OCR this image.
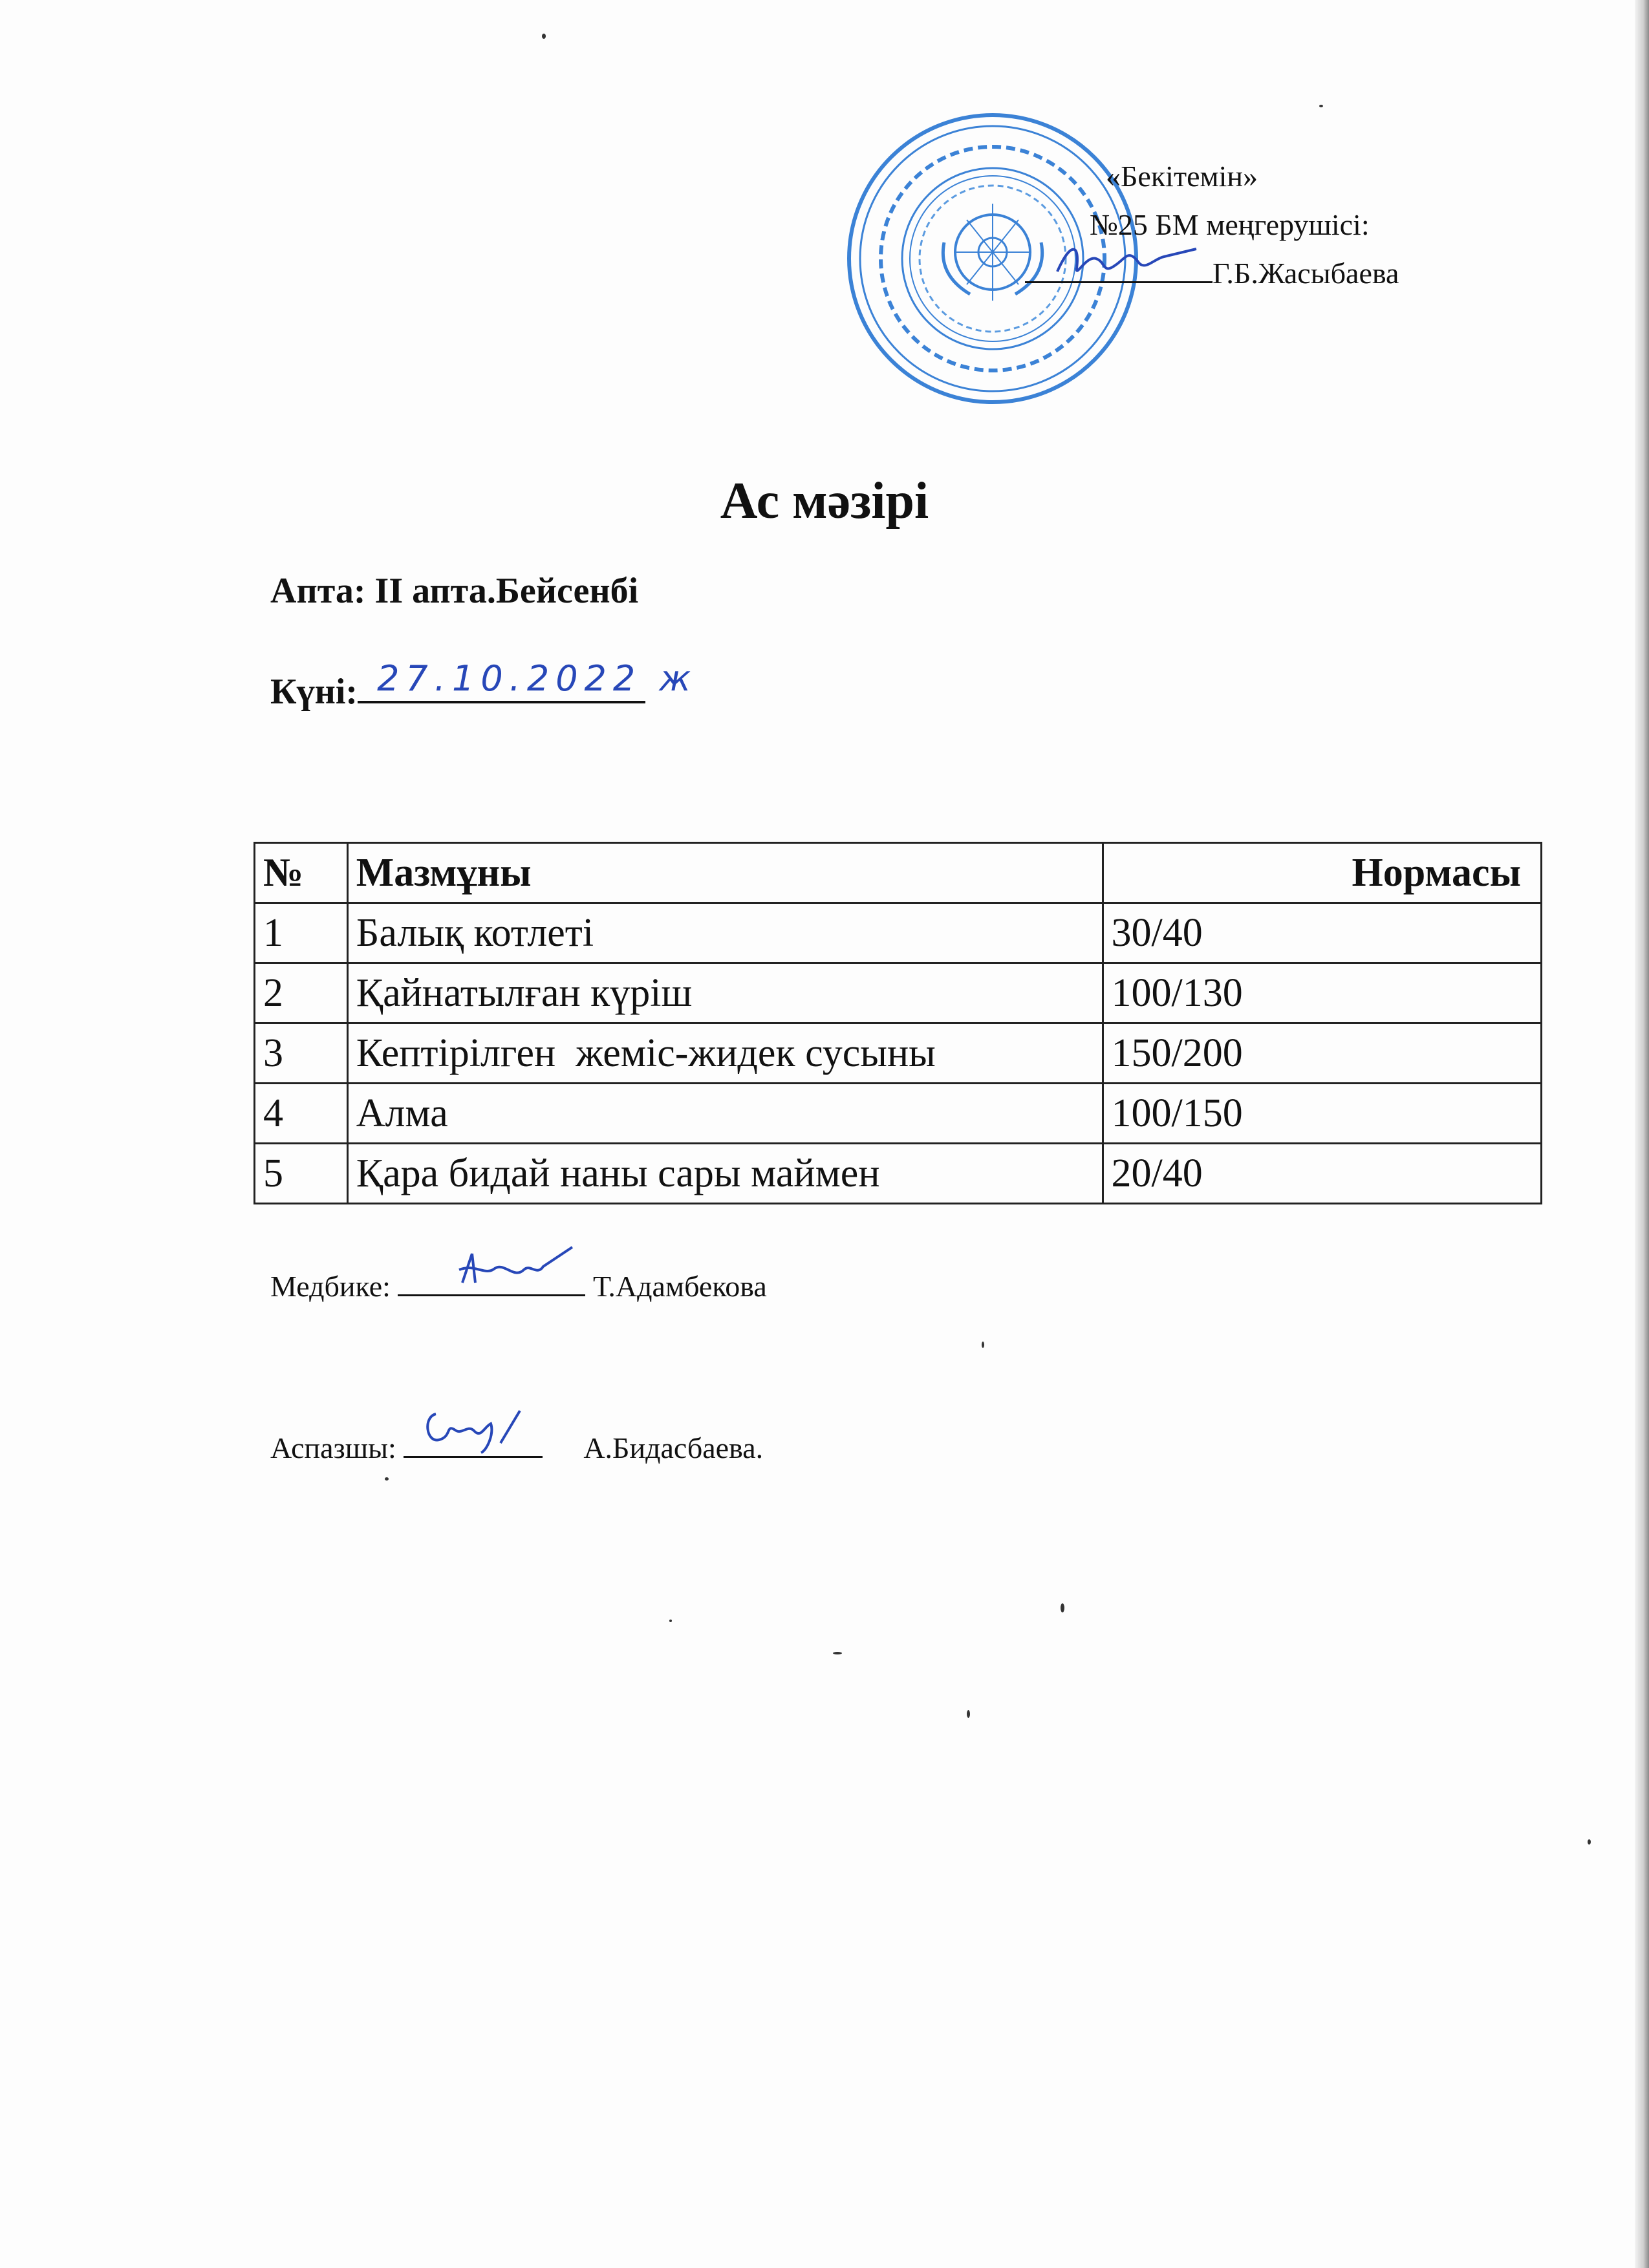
«Бекітемін»
№25 БМ меңгерушісі:
Г.Б.Жасыбаева
Ас мәзірі
Апта: II апта.Бейсенбі
Күні: 27.10.2022 ж
№	Мазмұны	Нормасы
1	Балық котлеті	30/40
2	Қайнатылған күріш	100/130
3	Кептірілген  жеміс-жидек сусыны	150/200
4	Алма	100/150
5	Қара бидай наны сары маймен	20/40
Медбике:	Т.Адамбекова
Аспазшы:	А.Бидасбаева.
